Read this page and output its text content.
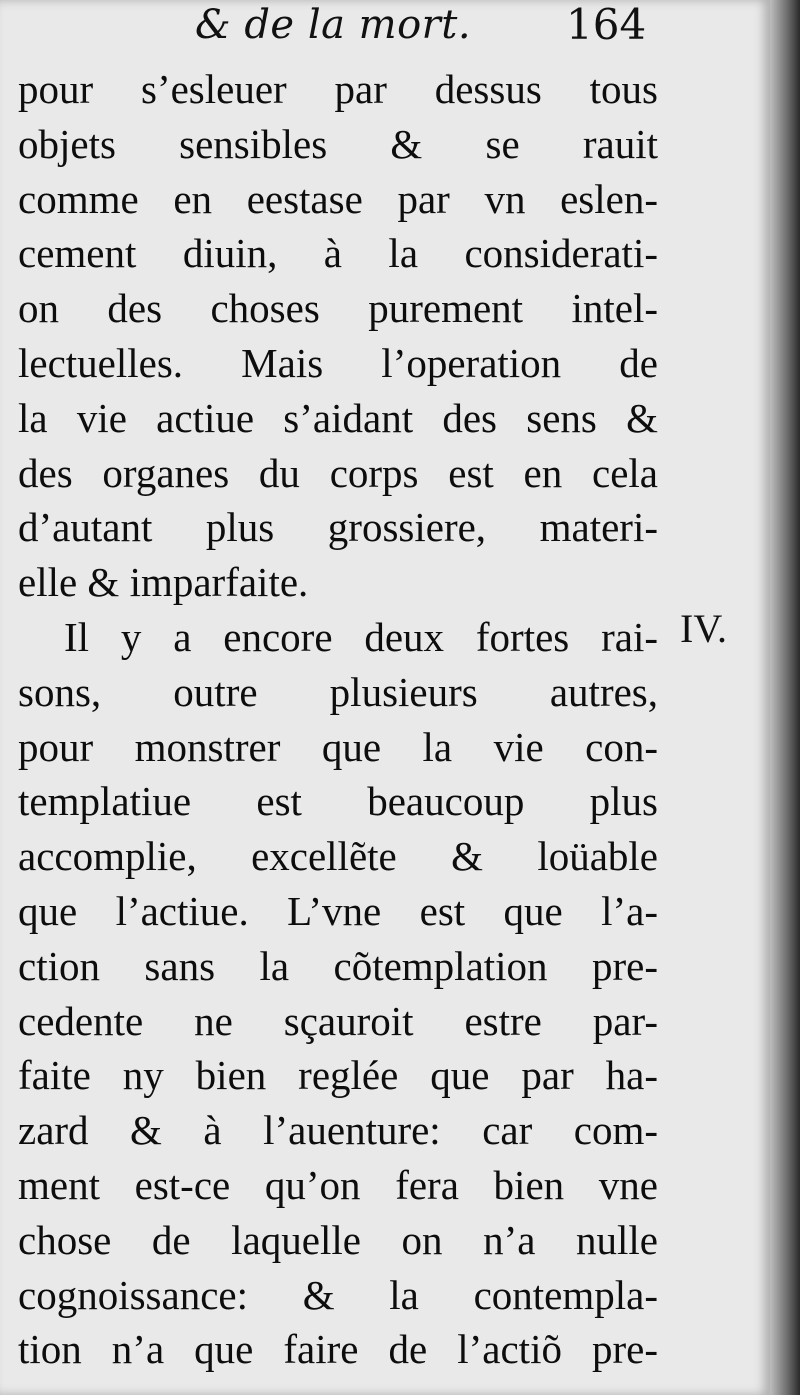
& de la mort. 164
pour s’esleuer par dessus tous
objets sensibles & se rauit
comme en eestase par vn eslen-
cement diuin, à la considerati-
on des choses purement intel-
lectuelles. Mais l’operation de
la vie actiue s’aidant des sens &
des organes du corps est en cela
d’autant plus grossiere, materi-
elle & imparfaite.
Il y a encore deux fortes rai-
sons, outre plusieurs autres,
pour monstrer que la vie con-
templatiue est beaucoup plus
accomplie, excellẽte & loüable
que l’actiue. L’vne est que l’a-
ction sans la cõtemplation pre-
cedente ne sçauroit estre par-
faite ny bien reglée que par ha-
zard & à l’auenture: car com-
ment est-ce qu’on fera bien vne
chose de laquelle on n’a nulle
cognoissance: & la contempla-
tion n’a que faire de l’actiõ pre-
IV.
